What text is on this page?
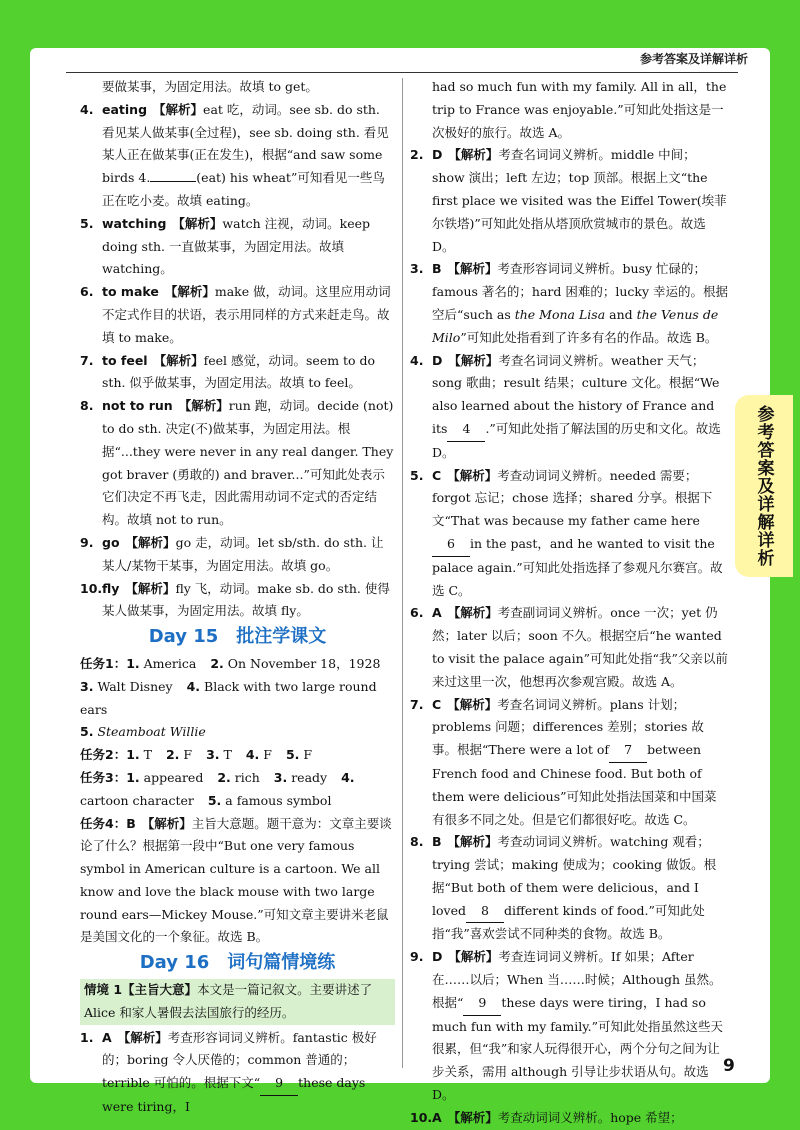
参考答案及详解详析
参考答案及详解详析
要做某事，为固定用法。故填 to get。
4. eating 【解析】eat 吃，动词。see sb. do sth. 看见某人做某事(全过程)，see sb. doing sth. 看见某人正在做某事(正在发生)，根据“and saw some birds 4.	(eat) his wheat”可知看见一些鸟正在吃小麦。故填 eating。
5. watching 【解析】watch 注视，动词。keep doing sth. 一直做某事，为固定用法。故填 watching。
6. to make 【解析】make 做，动词。这里应用动词不定式作目的状语，表示用同样的方式来赶走鸟。故填 to make。
7. to feel 【解析】feel 感觉，动词。seem to do sth. 似乎做某事，为固定用法。故填 to feel。
8. not to run 【解析】run 跑，动词。decide (not) to do sth. 决定(不)做某事，为固定用法。根据“...they were never in any real danger. They got braver (勇敢的) and braver...”可知此处表示它们决定不再飞走，因此需用动词不定式的否定结构。故填 not to run。
9. go 【解析】go 走，动词。let sb/sth. do sth. 让某人/某物干某事，为固定用法。故填 go。
10. fly 【解析】fly 飞，动词。make sb. do sth. 使得某人做某事，为固定用法。故填 fly。
Day 15　批注学课文
任务1：1. America 2. On November 18，1928
3. Walt Disney 4. Black with two large round ears
5. Steamboat Willie
任务2：1. T 2. F 3. T 4. F 5. F
任务3：1. appeared 2. rich 3. ready 4. cartoon character 5. a famous symbol
任务4：B 【解析】主旨大意题。题干意为：文章主要谈论了什么？根据第一段中“But one very famous symbol in American culture is a cartoon. We all know and love the black mouse with two large round ears—Mickey Mouse.”可知文章主要讲米老鼠是美国文化的一个象征。故选 B。
Day 16　词句篇情境练
情境 1【主旨大意】本文是一篇记叙文。主要讲述了 Alice 和家人暑假去法国旅行的经历。
1. A 【解析】考查形容词词义辨析。fantastic 极好的；boring 令人厌倦的；common 普通的；terrible 可怕的。根据下文“ 9 these days were tiring，I
had so much fun with my family. All in all，the trip to France was enjoyable.”可知此处指这是一次极好的旅行。故选 A。
2. D 【解析】考查名词词义辨析。middle 中间；show 演出；left 左边；top 顶部。根据上文“the first place we visited was the Eiffel Tower(埃菲尔铁塔)”可知此处指从塔顶欣赏城市的景色。故选 D。
3. B 【解析】考查形容词词义辨析。busy 忙碌的；famous 著名的；hard 困难的；lucky 幸运的。根据空后“such as the Mona Lisa and the Venus de Milo”可知此处指看到了许多有名的作品。故选 B。
4. D 【解析】考查名词词义辨析。weather 天气；song 歌曲；result 结果；culture 文化。根据“We also learned about the history of France and its 4 .”可知此处指了解法国的历史和文化。故选 D。
5. C 【解析】考查动词词义辨析。needed 需要；forgot 忘记；chose 选择；shared 分享。根据下文“That was because my father came here6 in the past，and he wanted to visit the palace again.”可知此处指选择了参观凡尔赛宫。故选 C。
6. A 【解析】考查副词词义辨析。once 一次；yet 仍然；later 以后；soon 不久。根据空后“he wanted to visit the palace again”可知此处指“我”父亲以前来过这里一次，他想再次参观宫殿。故选 A。
7. C 【解析】考查名词词义辨析。plans 计划；problems 问题；differences 差别；stories 故事。根据“There were a lot of 7 between French food and Chinese food. But both of them were delicious”可知此处指法国菜和中国菜有很多不同之处。但是它们都很好吃。故选 C。
8. B 【解析】考查动词词义辨析。watching 观看；trying 尝试；making 使成为；cooking 做饭。根据“But both of them were delicious，and I loved 8 different kinds of food.”可知此处指“我”喜欢尝试不同种类的食物。故选 B。
9. D 【解析】考查连词词义辨析。If 如果；After 在……以后；When 当……时候；Although 虽然。根据“ 9 these days were tiring，I had so much fun with my family.”可知此处指虽然这些天很累，但“我”和家人玩得很开心，两个分句之间为让步关系，需用 although 引导让步状语从句。故选 D。
10. A 【解析】考查动词词义辨析。hope 希望；
9
